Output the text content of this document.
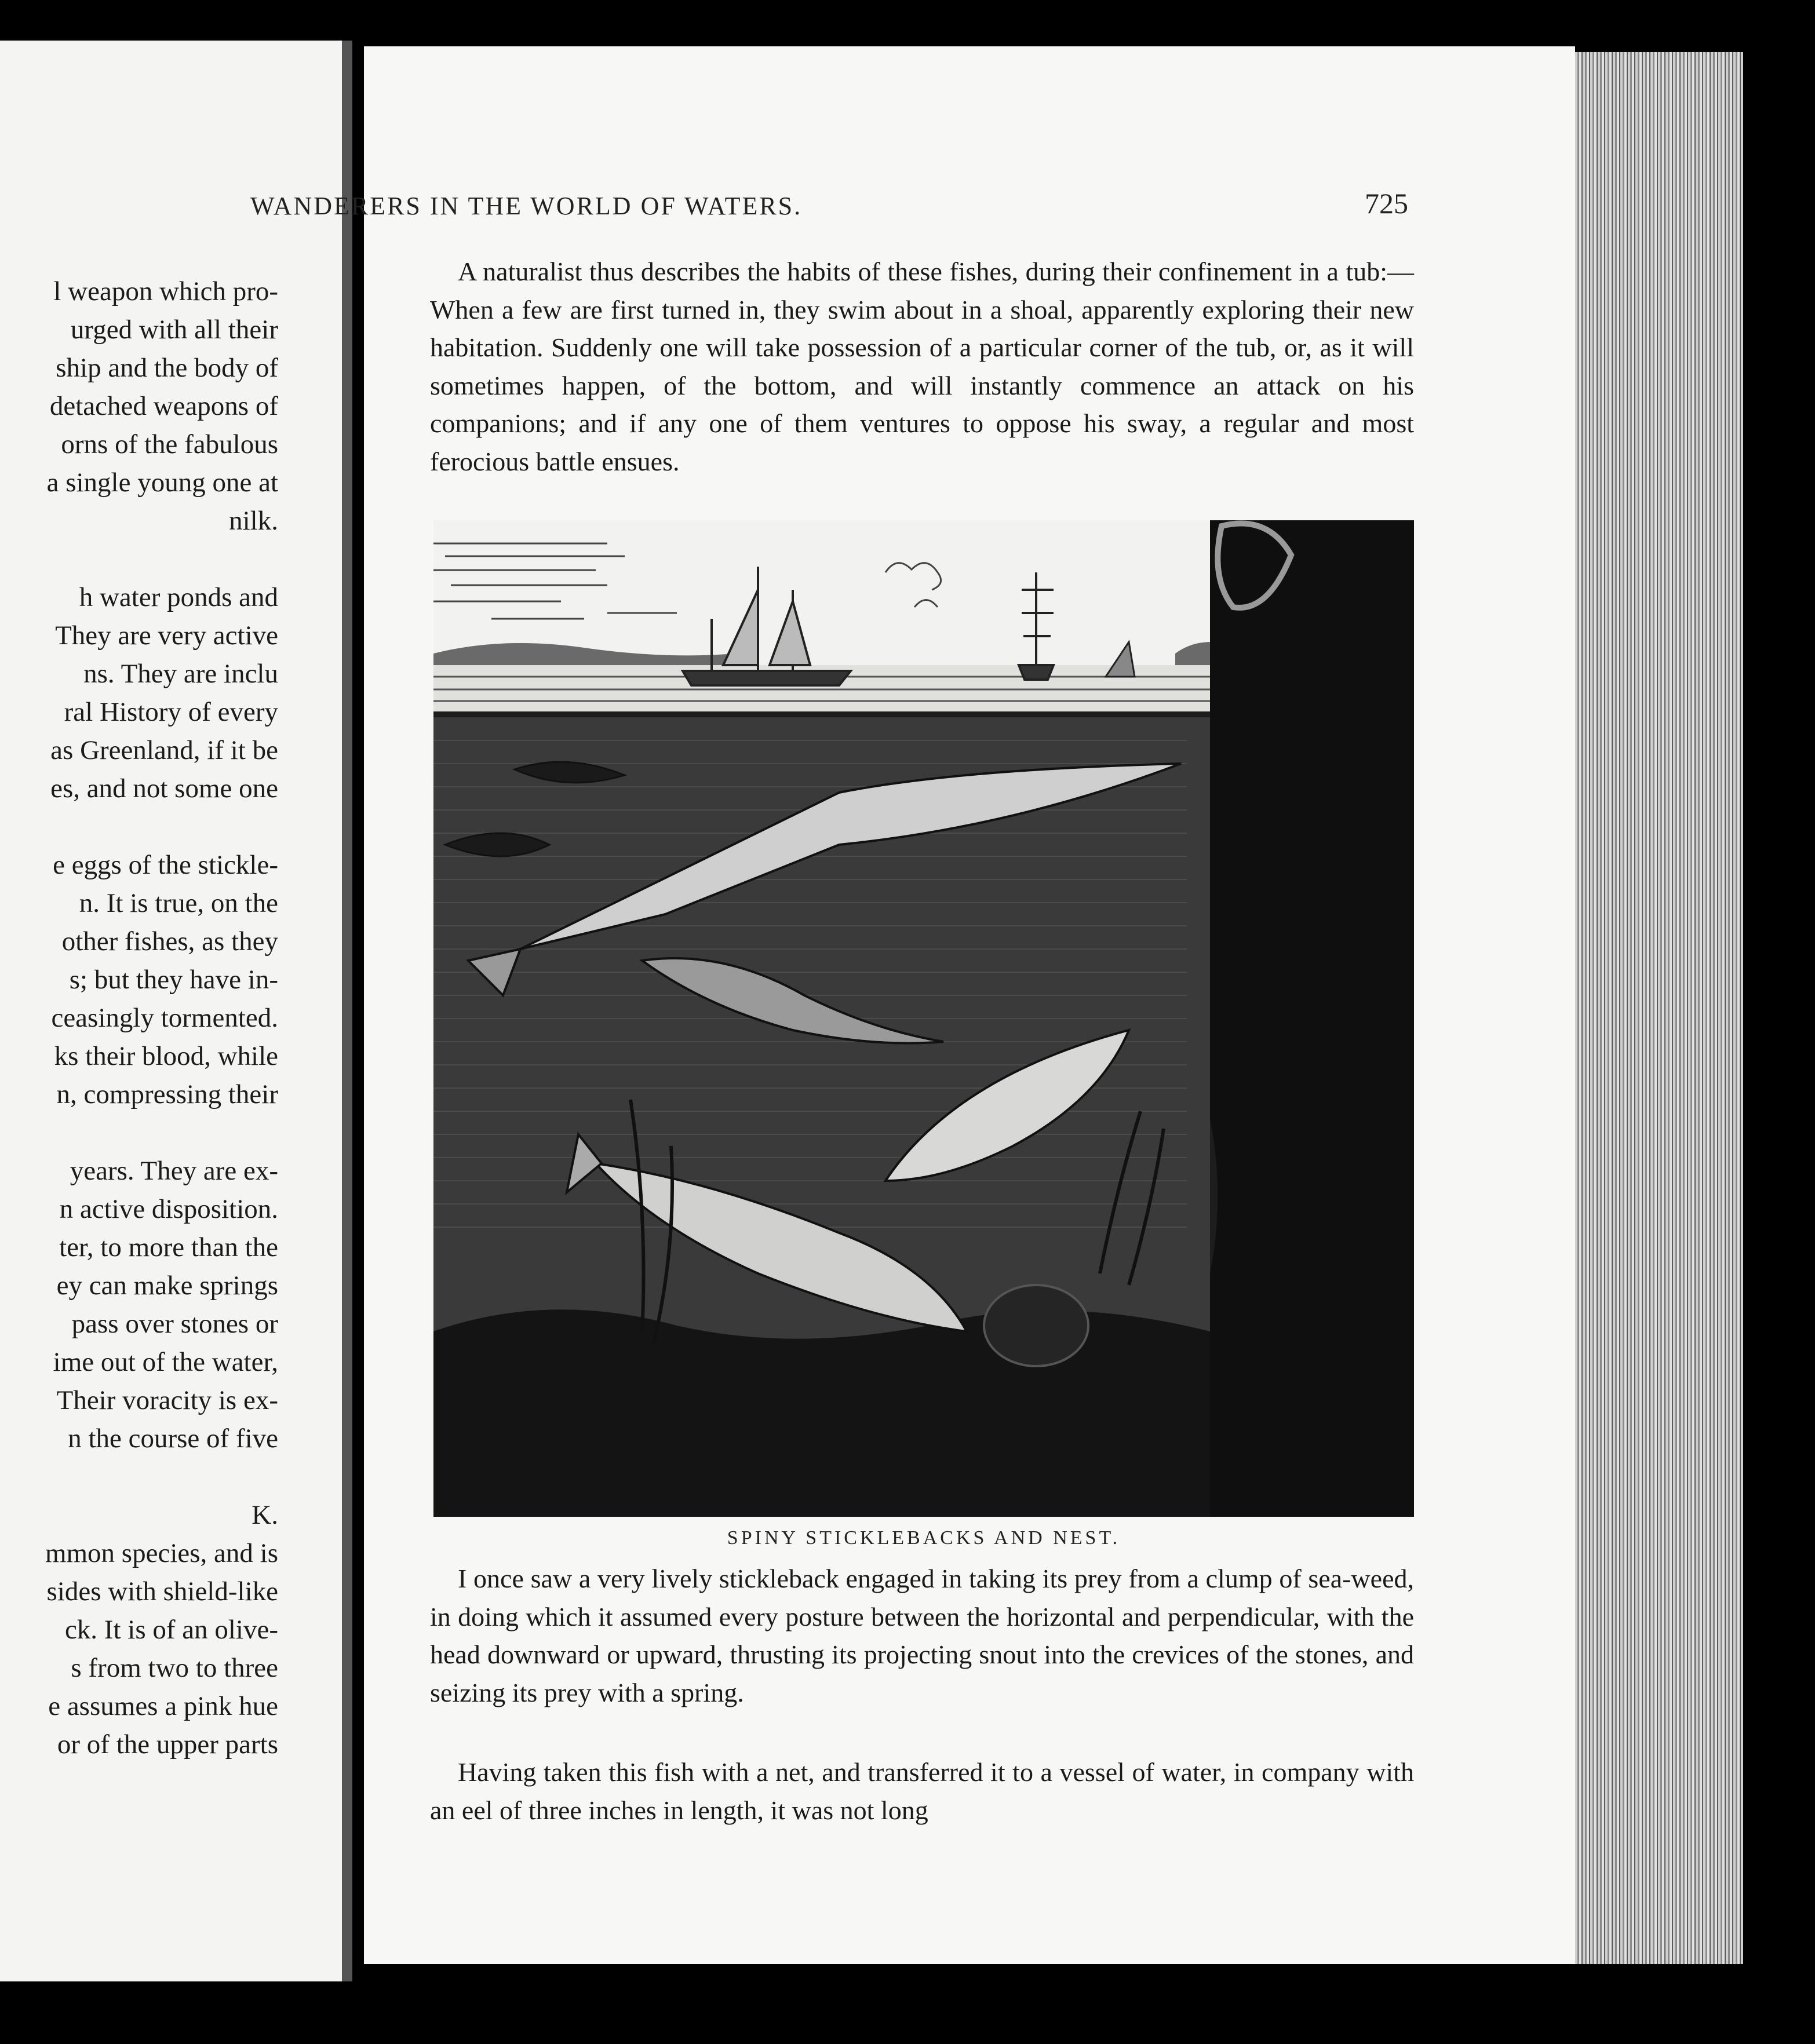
l weapon which pro-
urged with all their
ship and the body of
detached weapons of
orns of the fabulous
a single young one at
nilk.
h water ponds and
They are very active
ns. They are inclu
ral History of every
as Greenland, if it be
es, and not some one
e eggs of the stickle-
n. It is true, on the
other fishes, as they
s; but they have in-
ceasingly tormented.
ks their blood, while
n, compressing their
years. They are ex-
n active disposition.
ter, to more than the
ey can make springs
pass over stones or
ime out of the water,
Their voracity is ex-
n the course of five
K.
mmon species, and is
sides with shield-like
ck. It is of an olive-
s from two to three
e assumes a pink hue
or of the upper parts
WANDERERS IN THE WORLD OF WATERS.	725

A naturalist thus describes the habits of these fishes, during their confinement in a tub:—When a few are first turned in, they swim about in a shoal, apparently exploring their new habitation. Suddenly one will take possession of a particular corner of the tub, or, as it will sometimes happen, of the bottom, and will instantly commence an attack on his companions; and if any one of them ventures to oppose his sway, a regular and most ferocious battle ensues.

SPINY STICKLEBACKS AND NEST.

I once saw a very lively stickleback engaged in taking its prey from a clump of sea-weed, in doing which it assumed every posture between the horizontal and perpendicular, with the head downward or upward, thrusting its projecting snout into the crevices of the stones, and seizing its prey with a spring.

Having taken this fish with a net, and transferred it to a vessel of water, in company with an eel of three inches in length, it was not long
